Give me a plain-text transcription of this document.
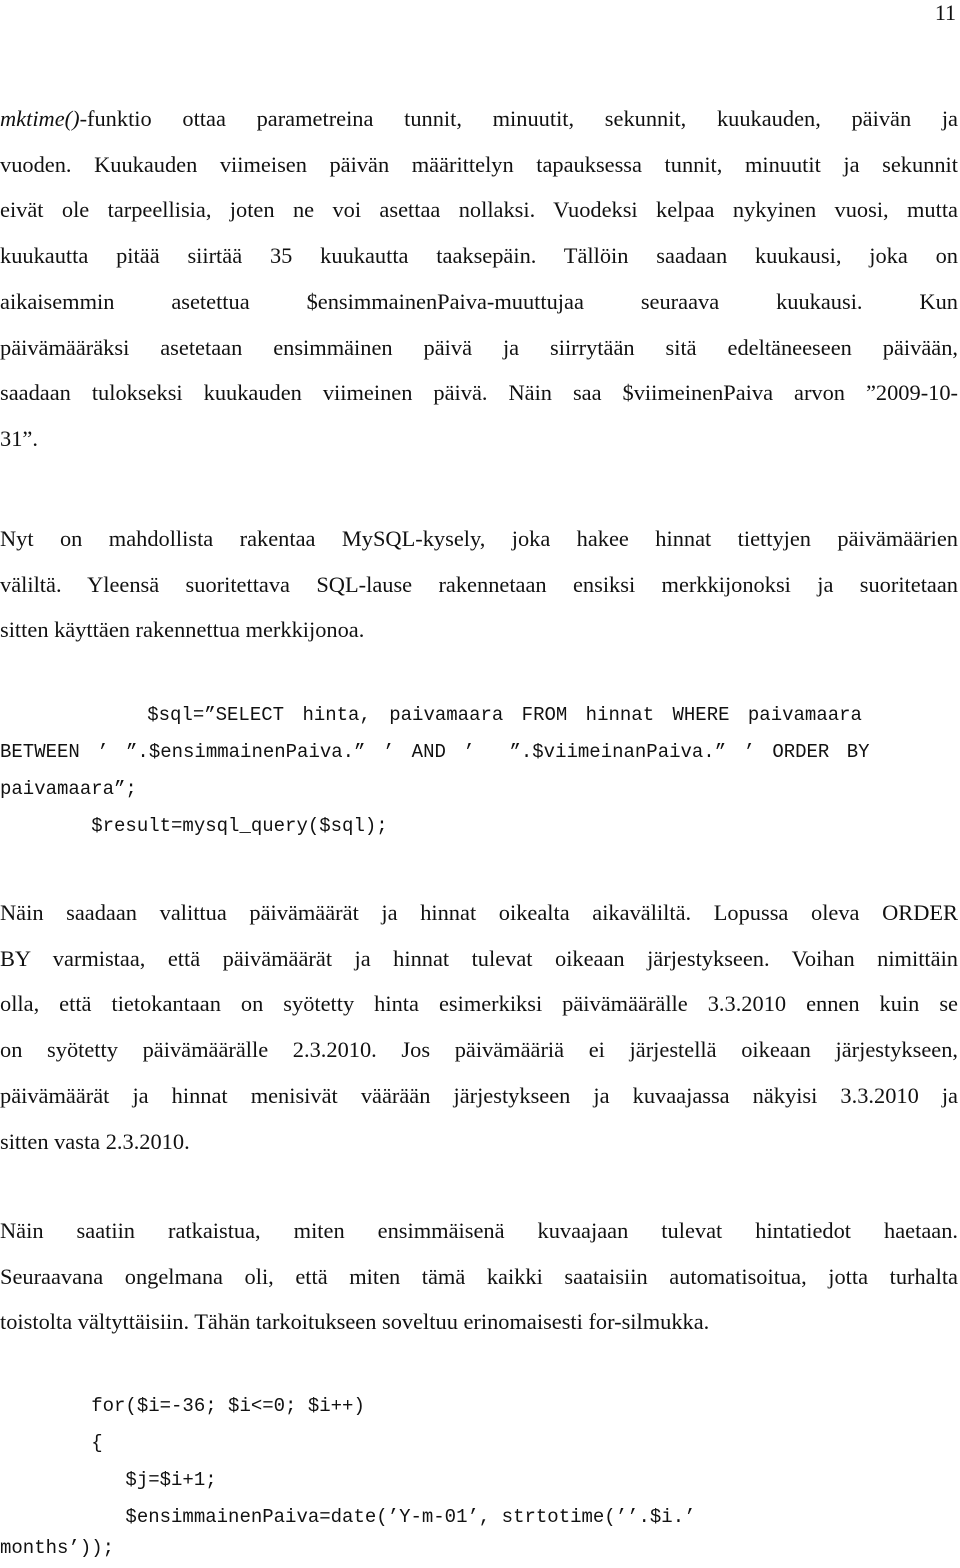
11
mktime()-funktio ottaa parametreina tunnit, minuutit, sekunnit, kuukauden, päivän ja
vuoden. Kuukauden viimeisen päivän määrittelyn tapauksessa tunnit, minuutit ja sekunnit
eivät ole tarpeellisia, joten ne voi asettaa nollaksi. Vuodeksi kelpaa nykyinen vuosi, mutta
kuukautta pitää siirtää 35 kuukautta taaksepäin. Tällöin saadaan kuukausi, joka on
aikaisemmin asetettua $ensimmainenPaiva-muuttujaa seuraava kuukausi. Kun
päivämääräksi asetetaan ensimmäinen päivä ja siirrytään sitä edeltäneeseen päivään,
saadaan tulokseksi kuukauden viimeinen päivä. Näin saa $viimeinenPaiva arvon ”2009-10-
31”.
Nyt on mahdollista rakentaa MySQL-kysely, joka hakee hinnat tiettyjen päivämäärien
väliltä. Yleensä suoritettava SQL-lause rakennetaan ensiksi merkkijonoksi ja suoritetaan
sitten käyttäen rakennettua merkkijonoa.
$sql=”SELECT hinta, paivamaara FROM hinnat WHERE paivamaara
BETWEEN ’ ”.$ensimmainenPaiva.” ’ AND ’  ”.$viimeinanPaiva.” ’ ORDER BY
paivamaara”;
$result=mysql_query($sql);
Näin saadaan valittua päivämäärät ja hinnat oikealta aikaväliltä. Lopussa oleva ORDER
BY varmistaa, että päivämäärät ja hinnat tulevat oikeaan järjestykseen. Voihan nimittäin
olla, että tietokantaan on syötetty hinta esimerkiksi päivämäärälle 3.3.2010 ennen kuin se
on syötetty päivämäärälle 2.3.2010. Jos päivämääriä ei järjestellä oikeaan järjestykseen,
päivämäärät ja hinnat menisivät väärään järjestykseen ja kuvaajassa näkyisi 3.3.2010 ja
sitten vasta 2.3.2010.
Näin saatiin ratkaistua, miten ensimmäisenä kuvaajaan tulevat hintatiedot haetaan.
Seuraavana ongelmana oli, että miten tämä kaikki saataisiin automatisoitua, jotta turhalta
toistolta vältyttäisiin. Tähän tarkoitukseen soveltuu erinomaisesti for-silmukka.
for($i=-36; $i<=0; $i++)
{
$j=$i+1;
$ensimmainenPaiva=date(’Y-m-01’, strtotime(’’.$i.’
months’));
